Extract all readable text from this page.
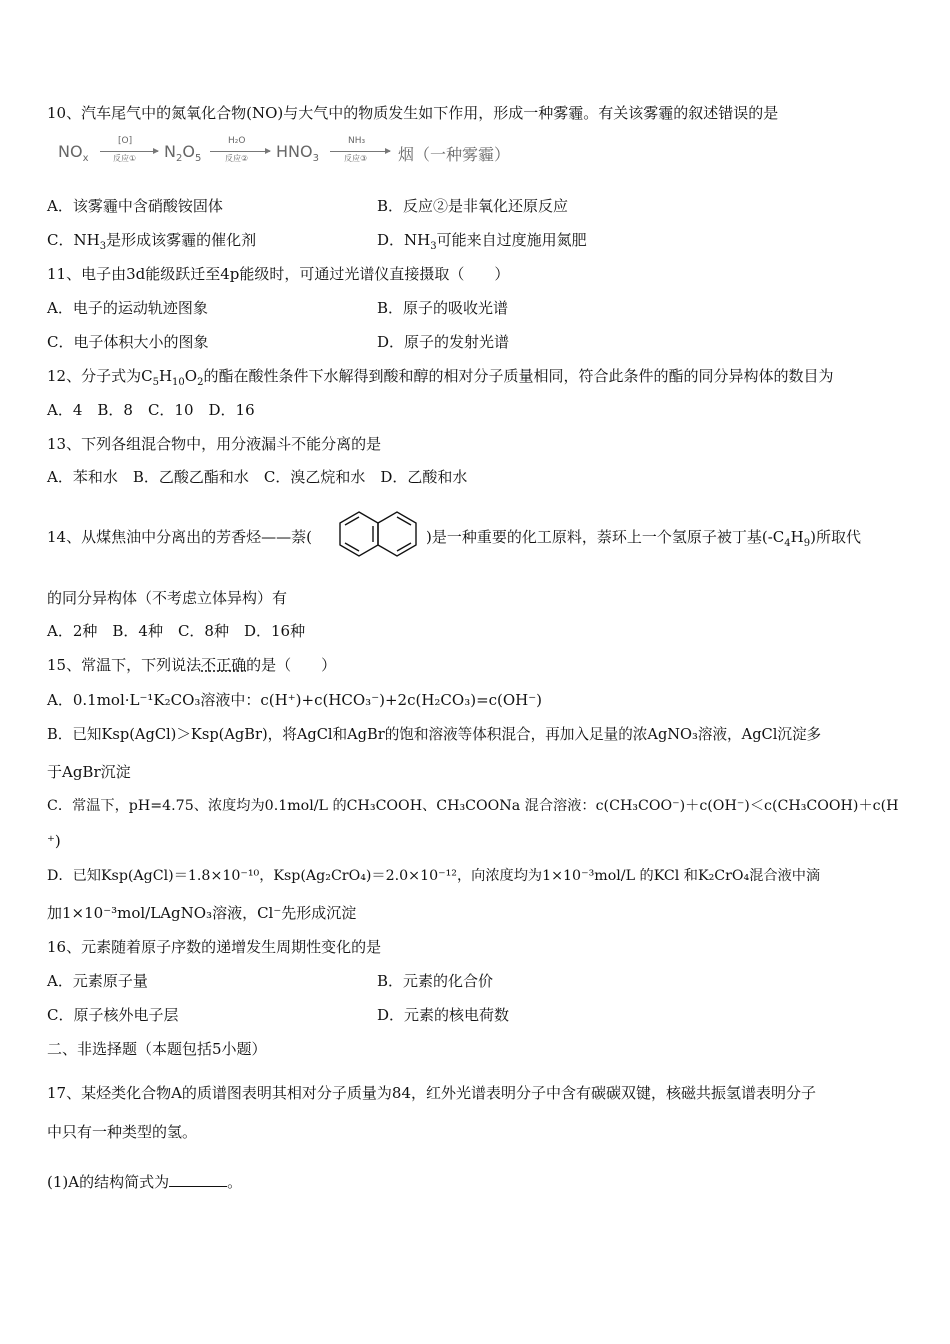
10、汽车尾气中的氮氧化合物(NO)与大气中的物质发生如下作用，形成一种雾霾。有关该雾霾的叙述错误的是
$NO_x$
[O]
反应① $N_2O_5$
H₂O
反应② $HNO_3$
NH₃
反应③ 烟（一种雾霾）
A．该雾霾中含硝酸铵固体	B．反应②是非氧化还原反应
C．$NH_3$是形成该雾霾的催化剂	D．$NH_3$可能来自过度施用氮肥
11、电子由3d能级跃迁至4p能级时，可通过光谱仪直接摄取（　　）
A．电子的运动轨迹图象	B．原子的吸收光谱
C．电子体积大小的图象	D．原子的发射光谱
12、分子式为$C_5H_{10}O_2$的酯在酸性条件下水解得到酸和醇的相对分子质量相同，符合此条件的酯的同分异构体的数目为
A．4　B．8　C．10　D．16
13、下列各组混合物中，用分液漏斗不能分离的是
A．苯和水　B．乙酸乙酯和水　C．溴乙烷和水　D．乙酸和水
14、从煤焦油中分离出的芳香烃——萘(	)是一种重要的化工原料，萘环上一个氢原子被丁基$(-C_4H_9)$所取代
的同分异构体（不考虑立体异构）有
A．2种　B．4种　C．8种　D．16种
15、常温下，下列说法不正确的是（　　）
A．0.1mol·L⁻¹K₂CO₃溶液中：c(H⁺)+c(HCO₃⁻)+2c(H₂CO₃)=c(OH⁻)
B．已知Ksp(AgCl)＞Ksp(AgBr)，将AgCl和AgBr的饱和溶液等体积混合，再加入足量的浓AgNO₃溶液，AgCl沉淀多
于AgBr沉淀
C．常温下，pH=4.75、浓度均为0.1mol/L 的CH₃COOH、CH₃COONa 混合溶液：c(CH₃COO⁻)＋c(OH⁻)＜c(CH₃COOH)＋c(H
⁺)
D．已知Ksp(AgCl)＝1.8×10⁻¹⁰，Ksp(Ag₂CrO₄)＝2.0×10⁻¹²，向浓度均为1×10⁻³mol/L 的KCl 和K₂CrO₄混合液中滴
加1×10⁻³mol/LAgNO₃溶液，Cl⁻先形成沉淀
16、元素随着原子序数的递增发生周期性变化的是
A．元素原子量	B．元素的化合价
C．原子核外电子层	D．元素的核电荷数
二、非选择题（本题包括5小题）
17、某烃类化合物A的质谱图表明其相对分子质量为84，红外光谱表明分子中含有碳碳双键，核磁共振氢谱表明分子
中只有一种类型的氢。
(1)A的结构简式为	。
